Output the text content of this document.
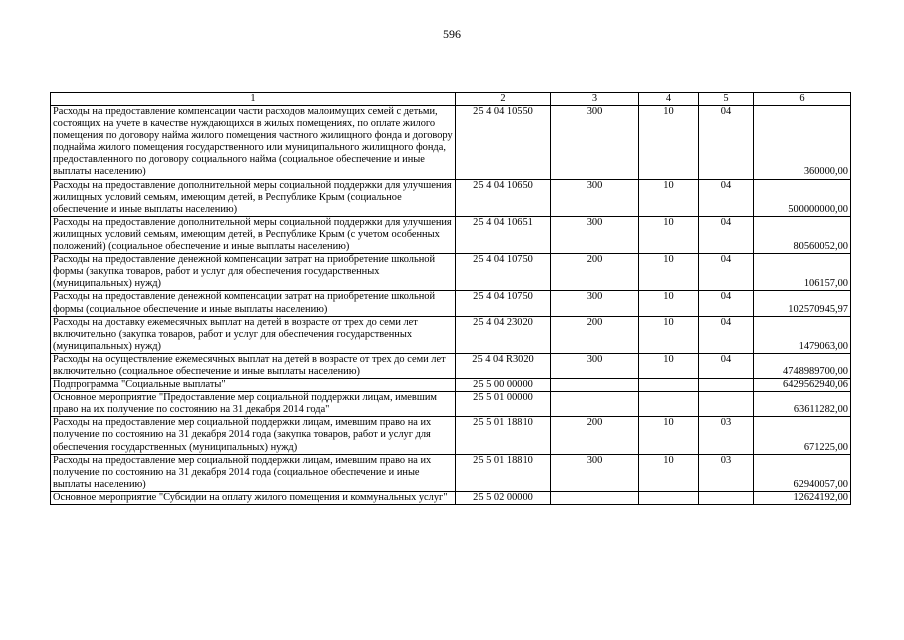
596
1	2	3	4	5	6
Расходы на предоставление компенсации части расходов малоимущих семей с детьми, состоящих на учете в качестве нуждающихся в жилых помещениях, по оплате жилого помещения по договору найма жилого помещения частного жилищного фонда и договору поднайма жилого помещения государственного или муниципального жилищного фонда, предоставленного по договору социального найма (социальное обеспечение и иные выплаты населению)	25 4 04 10550	300	10	04	360000,00
Расходы на предоставление дополнительной меры социальной поддержки для улучшения жилищных условий семьям, имеющим детей, в Республике Крым (социальное обеспечение и иные выплаты населению)	25 4 04 10650	300	10	04	500000000,00
Расходы на предоставление дополнительной меры социальной поддержки для улучшения жилищных условий семьям, имеющим детей, в Республике Крым (с учетом особенных положений) (социальное обеспечение и иные выплаты населению)	25 4 04 10651	300	10	04	80560052,00
Расходы на предоставление денежной компенсации затрат на приобретение школьной формы (закупка товаров, работ и услуг для обеспечения государственных (муниципальных) нужд)	25 4 04 10750	200	10	04	106157,00
Расходы на предоставление денежной компенсации затрат на приобретение школьной формы (социальное обеспечение и иные выплаты населению)	25 4 04 10750	300	10	04	102570945,97
Расходы на доставку ежемесячных выплат на детей в возрасте от трех до семи лет включительно (закупка товаров, работ и услуг для обеспечения государственных (муниципальных) нужд)	25 4 04 23020	200	10	04	1479063,00
Расходы на осуществление ежемесячных выплат на детей в возрасте от трех до семи лет включительно (социальное обеспечение и иные выплаты населению)	25 4 04 R3020	300	10	04	4748989700,00
Подпрограмма "Социальные выплаты"	25 5 00 00000				6429562940,06
Основное мероприятие "Предоставление мер социальной поддержки лицам, имевшим право на их получение по состоянию на 31 декабря 2014 года"	25 5 01 00000				63611282,00
Расходы на предоставление мер социальной поддержки лицам, имевшим право на их получение по состоянию на 31 декабря 2014 года (закупка товаров, работ и услуг для обеспечения государственных (муниципальных) нужд)	25 5 01 18810	200	10	03	671225,00
Расходы на предоставление мер социальной поддержки лицам, имевшим право на их получение по состоянию на 31 декабря 2014 года (социальное обеспечение и иные выплаты населению)	25 5 01 18810	300	10	03	62940057,00
Основное мероприятие "Субсидии на оплату жилого помещения и коммунальных услуг"	25 5 02 00000				12624192,00
